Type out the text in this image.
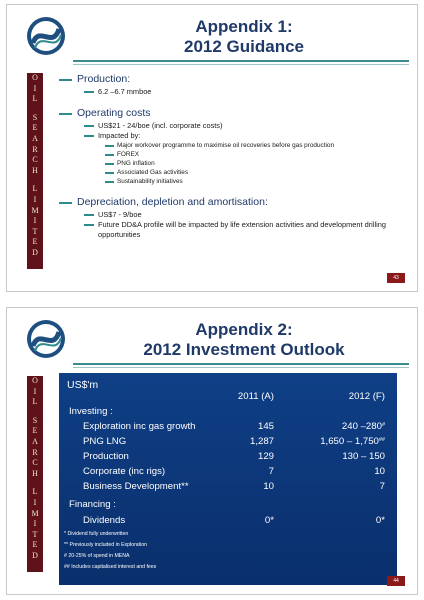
Appendix 1:
2012 Guidance
O
I
L
S
E
A
R
C
H
L
I
M
I
T
E
D
Production:
6.2 –6.7 mmboe
Operating costs
US$21 - 24/boe (incl. corporate costs)
Impacted by:
Major workover programme to maximise oil recoveries before gas production
FOREX
PNG inflation
Associated Gas activities
Sustainability initiatives
Depreciation, depletion and amortisation:
US$7 - 9/boe
Future DD&A profile will be impacted by life extension activities and development drilling opportunities
43
Appendix 2:
2012 Investment Outlook
O
I
L
S
E
A
R
C
H
L
I
M
I
T
E
D
US$'m
2011 (A)	2012 (F)
Investing :
Exploration inc gas growth	145	240 –280#
PNG LNG	1,287	1,650 – 1,750##
Production	129	130 – 150
Corporate (inc rigs)	7	10
Business Development**	10	7
Financing :
Dividends	0*	0*
* Dividend fully underwritten
** Previously included in Exploration
# 20-25% of spend in MENA
## Includes capitalised interest and fees
44
